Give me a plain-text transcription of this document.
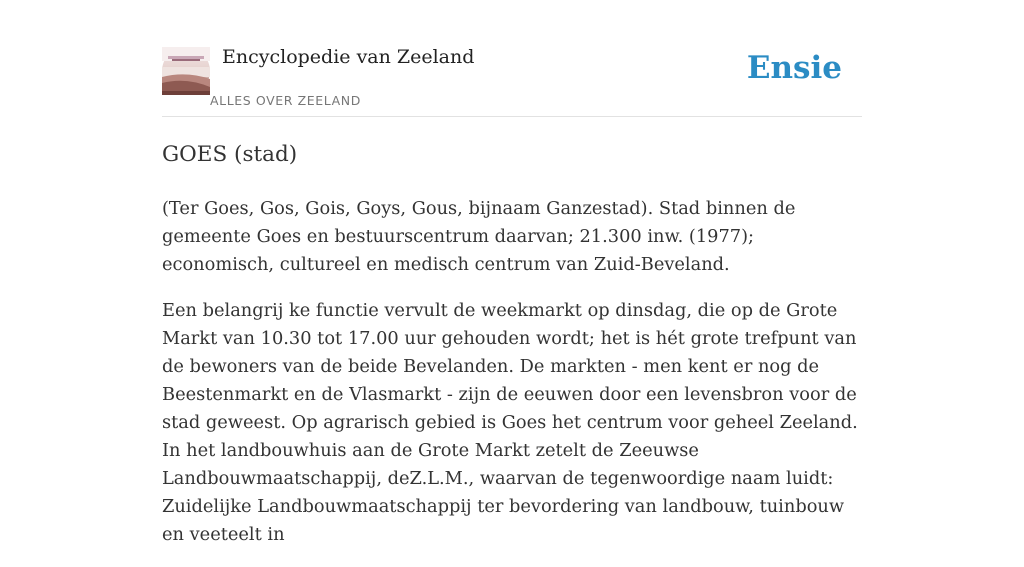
Encyclopedie van Zeeland
ALLES OVER ZEELAND
Ensie
GOES (stad)

(Ter Goes, Gos, Gois, Goys, Gous, bijnaam Ganzestad). Stad binnen de gemeente Goes en bestuurscentrum daarvan; 21.300 inw. (1977); economisch, cultureel en medisch centrum van Zuid-Beveland.

Een belangrij ke functie vervult de weekmarkt op dinsdag, die op de Grote Markt van 10.30 tot 17.00 uur gehouden wordt; het is hét grote trefpunt van de bewoners van de beide Bevelanden. De markten - men kent er nog de Beestenmarkt en de Vlasmarkt - zijn de eeuwen door een levensbron voor de stad geweest. Op agrarisch gebied is Goes het centrum voor geheel Zeeland. In het landbouwhuis aan de Grote Markt zetelt de Zeeuwse Landbouwmaatschappij, deZ.L.M., waarvan de tegenwoordige naam luidt: Zuidelijke Landbouwmaatschappij ter bevordering van landbouw, tuinbouw en veeteelt in
